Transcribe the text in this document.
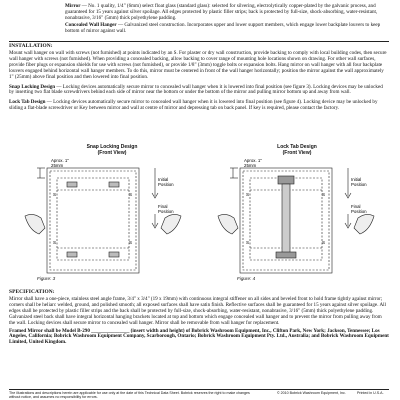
Mirror — No. 1 quality, 1/4" (6mm) select float glass (standard glass): selected for silvering, electrolytically copper-plated by the galvanic process, and guaranteed for 15 years against silver spoilage. All edges protected by plastic filler strips; back is protected by full-size, shock-absorbing, water-resistant, nonabrasive, 3/16" (5mm) thick polyethylene padding.

Concealed Wall Hanger — Galvanized steel construction. Incorporates upper and lower support members, which engage lower backplate louvers to keep bottom of mirror against wall.

INSTALLATION:

Mount wall hanger on wall with screws (not furnished) at points indicated by an S. For plaster or dry wall construction, provide backing to comply with local building codes, then secure wall hanger with screws (not furnished). When providing a concealed backing, allow backing to cover range of mounting hole locations shown on drawing. For other wall surfaces, provide fiber plugs or expansion shields for use with screws (not furnished), or provide 1/8" (3mm) toggle bolts or expansion bolts. Hang mirror on wall hanger with all four backplate louvers engaged behind horizontal wall hanger members. To do this, mirror must be centered in front of the wall hanger horizontally; position the mirror against the wall approximately 1" (25mm) above final position and then lowered into final position.

Snap Locking Design — Locking devices automatically secure mirror to concealed wall hanger when it is lowered into final position (see figure 3). Locking devices may be unlocked by inserting two flat blade screwdrivers behind each side of mirror near the bottom or under the bottom of the mirror and pulling mirror bottom up and away from wall.

Lock Tab Design — Locking devices automatically secure mirror to concealed wall hanger when it is lowered into final position (see figure 4). Locking device may be unlocked by sliding a flat-blade screwdriver or Key between mirror and wall at centre of mirror and depressing tab on back panel. If key is required, please contact the factory.

Snap Locking Design
(Front View)
Lock Tab Design
(Front View)
Aprox. 1"
25mm
Initial
Position
Final
Position
S	S
S	S
Figure: 3
Aprox. 1"
25mm
Initial
Position
Final
Position
S	S
S	S
Figure: 4
SPECIFICATION:

Mirror shall have a one-piece, stainless steel angle frame, 3/4" x 3/4" (19 x 19mm) with continuous integral stiffener on all sides and beveled front to hold frame tightly against mirror; corners shall be heliarc welded, ground, and polished smooth; all exposed surfaces shall have satin finish. Reflective surfaces shall be guaranteed for 15 years against silver spoilage. All edges shall be protected by plastic filler strips and the back shall be protected by full-size, shock-absorbing, water-resistant, nonabrasive, 3/16" (5mm) thick polyethylene padding. Galvanized steel back shall have integral horizontal hanging brackets located at top and bottom which engage concealed wall hanger and to prevent the mirror from pulling away from the wall. Locking devices shall secure mirror to concealed wall hanger. Mirror shall be removable from wall hanger for replacement.

Framed Mirror shall be Model B-290 _______________ (insert width and height) of Bobrick Washroom Equipment, Inc., Clifton Park, New York; Jackson, Tennessee; Los Angeles, California; Bobrick Washroom Equipment Company, Scarborough, Ontario; Bobrick Washroom Equipment Pty. Ltd., Australia; and Bobrick Washroom Equipment Limited, United Kingdom.

The illustrations and descriptions herein are applicable for use only at the date of this Technical Data Sheet. Bobrick reserves the right to make changes without notice, and assumes no responsibility for errors.
© 2010 Bobrick Washroom Equipment, Inc.	Printed in U.S.A.
